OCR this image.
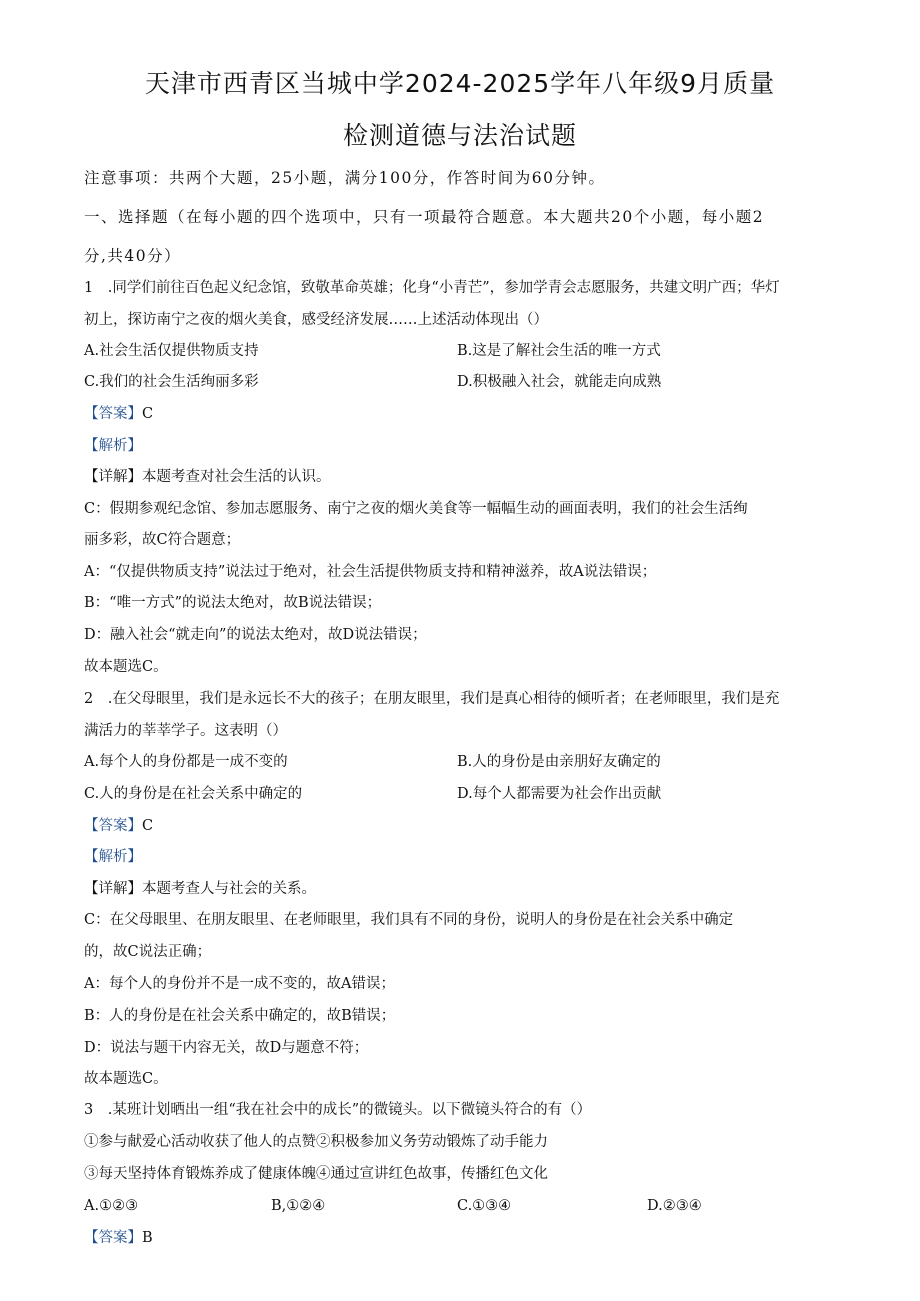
天津市西青区当城中学2024-2025学年八年级9月质量
检测道德与法治试题
注意事项：共两个大题，25小题，满分100分，作答时间为60分钟。
一、选择题（在每小题的四个选项中，只有一项最符合题意。本大题共20个小题，每小题2
分,共40分）
1　.同学们前往百色起义纪念馆，致敬革命英雄；化身“小青芒”，参加学青会志愿服务，共建文明广西；华灯
初上，探访南宁之夜的烟火美食，感受经济发展……上述活动体现出（）
A.社会生活仅提供物质支持	B.这是了解社会生活的唯一方式
C.我们的社会生活绚丽多彩	D.积极融入社会，就能走向成熟
【答案】C
【解析】
【详解】本题考查对社会生活的认识。
C：假期参观纪念馆、参加志愿服务、南宁之夜的烟火美食等一幅幅生动的画面表明，我们的社会生活绚
丽多彩，故C符合题意；
A：“仅提供物质支持”说法过于绝对，社会生活提供物质支持和精神滋养，故A说法错误；
B：“唯一方式”的说法太绝对，故B说法错误；
D：融入社会“就走向”的说法太绝对，故D说法错误；
故本题选C。
2　.在父母眼里，我们是永远长不大的孩子；在朋友眼里，我们是真心相待的倾听者；在老师眼里，我们是充
满活力的莘莘学子。这表明（）
A.每个人的身份都是一成不变的	B.人的身份是由亲朋好友确定的
C.人的身份是在社会关系中确定的	D.每个人都需要为社会作出贡献
【答案】C
【解析】
【详解】本题考查人与社会的关系。
C：在父母眼里、在朋友眼里、在老师眼里，我们具有不同的身份，说明人的身份是在社会关系中确定
的，故C说法正确；
A：每个人的身份并不是一成不变的，故A错误；
B：人的身份是在社会关系中确定的，故B错误；
D：说法与题干内容无关，故D与题意不符；
故本题选C。
3　.某班计划晒出一组“我在社会中的成长”的微镜头。以下微镜头符合的有（）
①参与献爱心活动收获了他人的点赞②积极参加义务劳动锻炼了动手能力
③每天坚持体育锻炼养成了健康体魄④通过宣讲红色故事，传播红色文化
A.①②③	B,①②④	C.①③④	D.②③④
【答案】B
